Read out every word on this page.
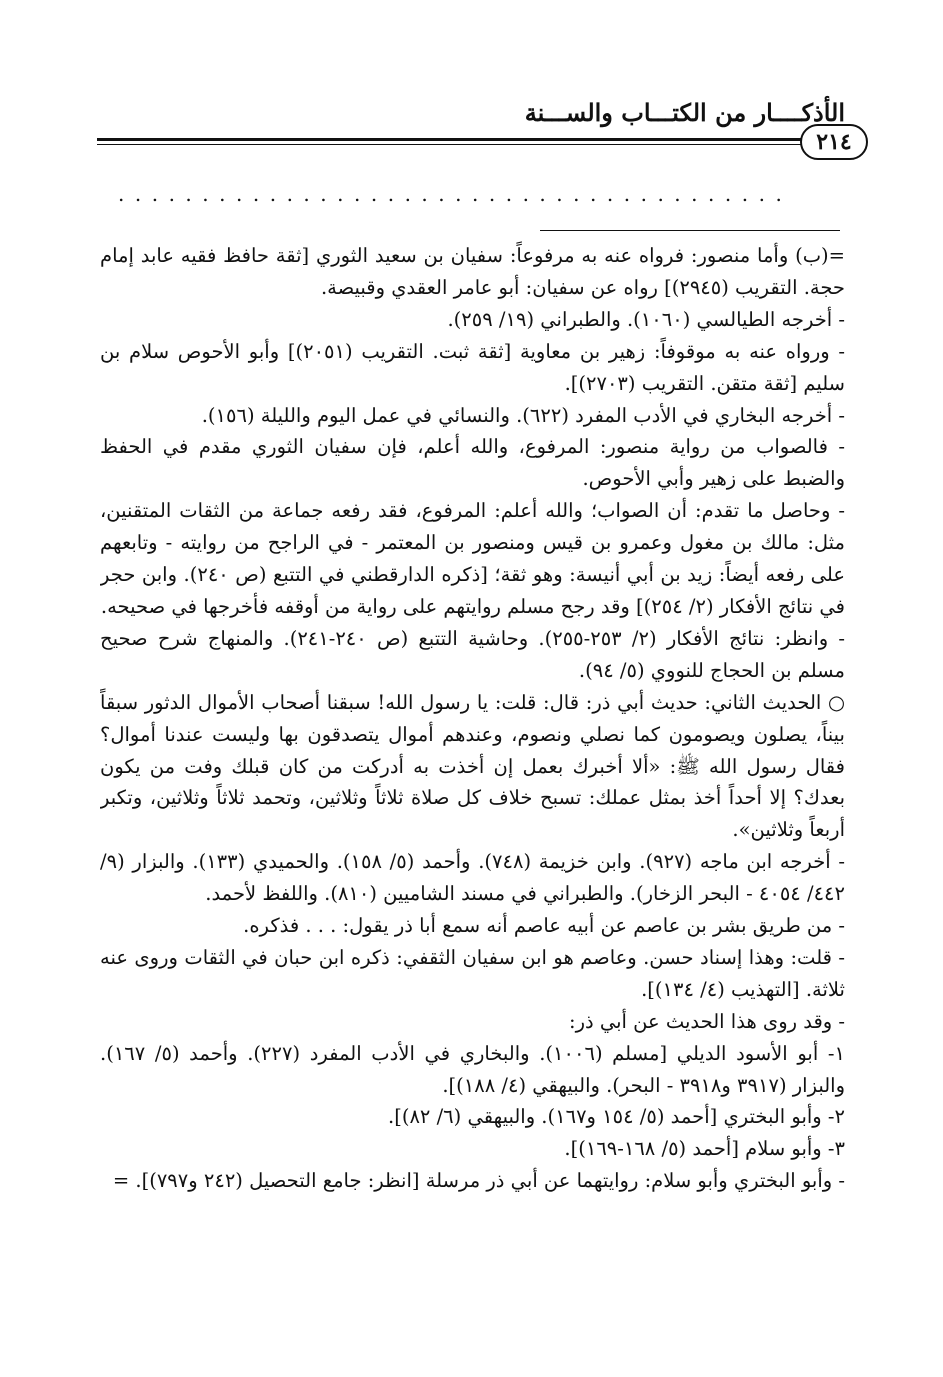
الأذكــــار من الكتـــاب والســـنة
٢١٤
........................................

=(ب) وأما منصور: فرواه عنه به مرفوعاً: سفيان بن سعيد الثوري [ثقة حافظ فقيه عابد إمام حجة. التقريب (٢٩٤٥)] رواه عن سفيان: أبو عامر العقدي وقبيصة.

- أخرجه الطيالسي (١٠٦٠). والطبراني (١٩/ ٢٥٩).

- ورواه عنه به موقوفاً: زهير بن معاوية [ثقة ثبت. التقريب (٢٠٥١)] وأبو الأحوص سلام بن سليم [ثقة متقن. التقريب (٢٧٠٣)].

- أخرجه البخاري في الأدب المفرد (٦٢٢). والنسائي في عمل اليوم والليلة (١٥٦).

- فالصواب من رواية منصور: المرفوع، والله أعلم، فإن سفيان الثوري مقدم في الحفظ والضبط على زهير وأبي الأحوص.

- وحاصل ما تقدم: أن الصواب؛ والله أعلم: المرفوع، فقد رفعه جماعة من الثقات المتقنين، مثل: مالك بن مغول وعمرو بن قيس ومنصور بن المعتمر - في الراجح من روايته - وتابعهم على رفعه أيضاً: زيد بن أبي أنيسة: وهو ثقة؛ [ذكره الدارقطني في التتبع (ص ٢٤٠). وابن حجر في نتائج الأفكار (٢/ ٢٥٤)] وقد رجح مسلم روايتهم على رواية من أوقفه فأخرجها في صحيحه.

- وانظر: نتائج الأفكار (٢/ ٢٥٣-٢٥٥). وحاشية التتبع (ص ٢٤٠-٢٤١). والمنهاج شرح صحيح مسلم بن الحجاج للنووي (٥/ ٩٤).

○ الحديث الثاني: حديث أبي ذر: قال: قلت: يا رسول الله! سبقنا أصحاب الأموال الدثور سبقاً بيناً، يصلون ويصومون كما نصلي ونصوم، وعندهم أموال يتصدقون بها وليست عندنا أموال؟ فقال رسول الله ﷺ: «ألا أخبرك بعمل إن أخذت به أدركت من كان قبلك وفت من يكون بعدك؟ إلا أحداً أخذ بمثل عملك: تسبح خلاف كل صلاة ثلاثاً وثلاثين، وتحمد ثلاثاً وثلاثين، وتكبر أربعاً وثلاثين».

- أخرجه ابن ماجه (٩٢٧). وابن خزيمة (٧٤٨). وأحمد (٥/ ١٥٨). والحميدي (١٣٣). والبزار (٩/ ٤٤٢/ ٤٠٥٤ - البحر الزخار). والطبراني في مسند الشاميين (٨١٠). واللفظ لأحمد.

- من طريق بشر بن عاصم عن أبيه عاصم أنه سمع أبا ذر يقول: . . . فذكره.

- قلت: وهذا إسناد حسن. وعاصم هو ابن سفيان الثقفي: ذكره ابن حبان في الثقات وروى عنه ثلاثة. [التهذيب (٤/ ١٣٤)].

- وقد روى هذا الحديث عن أبي ذر:

١- أبو الأسود الديلي [مسلم (١٠٠٦). والبخاري في الأدب المفرد (٢٢٧). وأحمد (٥/ ١٦٧). والبزار (٣٩١٧ و٣٩١٨ - البحر). والبيهقي (٤/ ١٨٨)].

٢- وأبو البختري [أحمد (٥/ ١٥٤ و١٦٧). والبيهقي (٦/ ٨٢)].

٣- وأبو سلام [أحمد (٥/ ١٦٨-١٦٩)].

- وأبو البختري وأبو سلام: روايتهما عن أبي ذر مرسلة [انظر: جامع التحصيل (٢٤٢ و٧٩٧)]. =
